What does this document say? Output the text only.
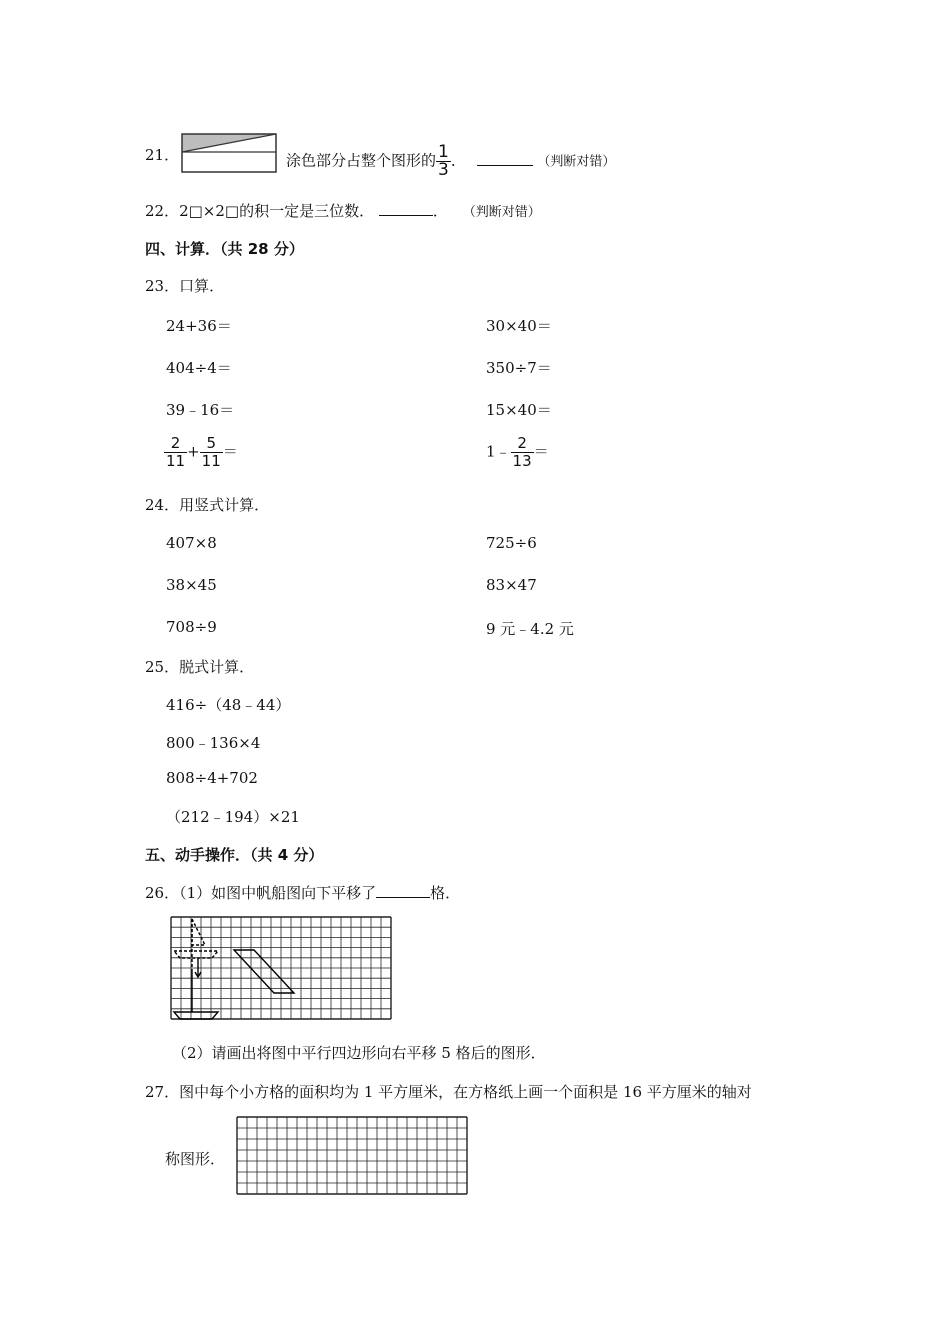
21．	涂色部分占整个图形的 $\frac{1}{3}$ ．	（判断对错）
22．2□×2□的积一定是三位数．	． （判断对错）
四、计算．（共 28 分）
23．口算．
24+36＝	30×40＝
404÷4＝	350÷7＝
39﹣16＝	15×40＝
$\frac{2}{11} + \frac{5}{11}$ ＝	1﹣ $\frac{2}{13}$ ＝
24．用竖式计算．
407×8	725÷6
38×45	83×47
708÷9	9 元﹣4.2 元
25．脱式计算．
416÷（48﹣44）
800﹣136×4
808÷4+702
（212﹣194）×21
五、动手操作．（共 4 分）
26．（1）如图中帆船图向下平移了	格．
（2）请画出将图中平行四边形向右平移 5 格后的图形．
27．图中每个小方格的面积均为 1 平方厘米，在方格纸上画一个面积是 16 平方厘米的轴对
称图形．
